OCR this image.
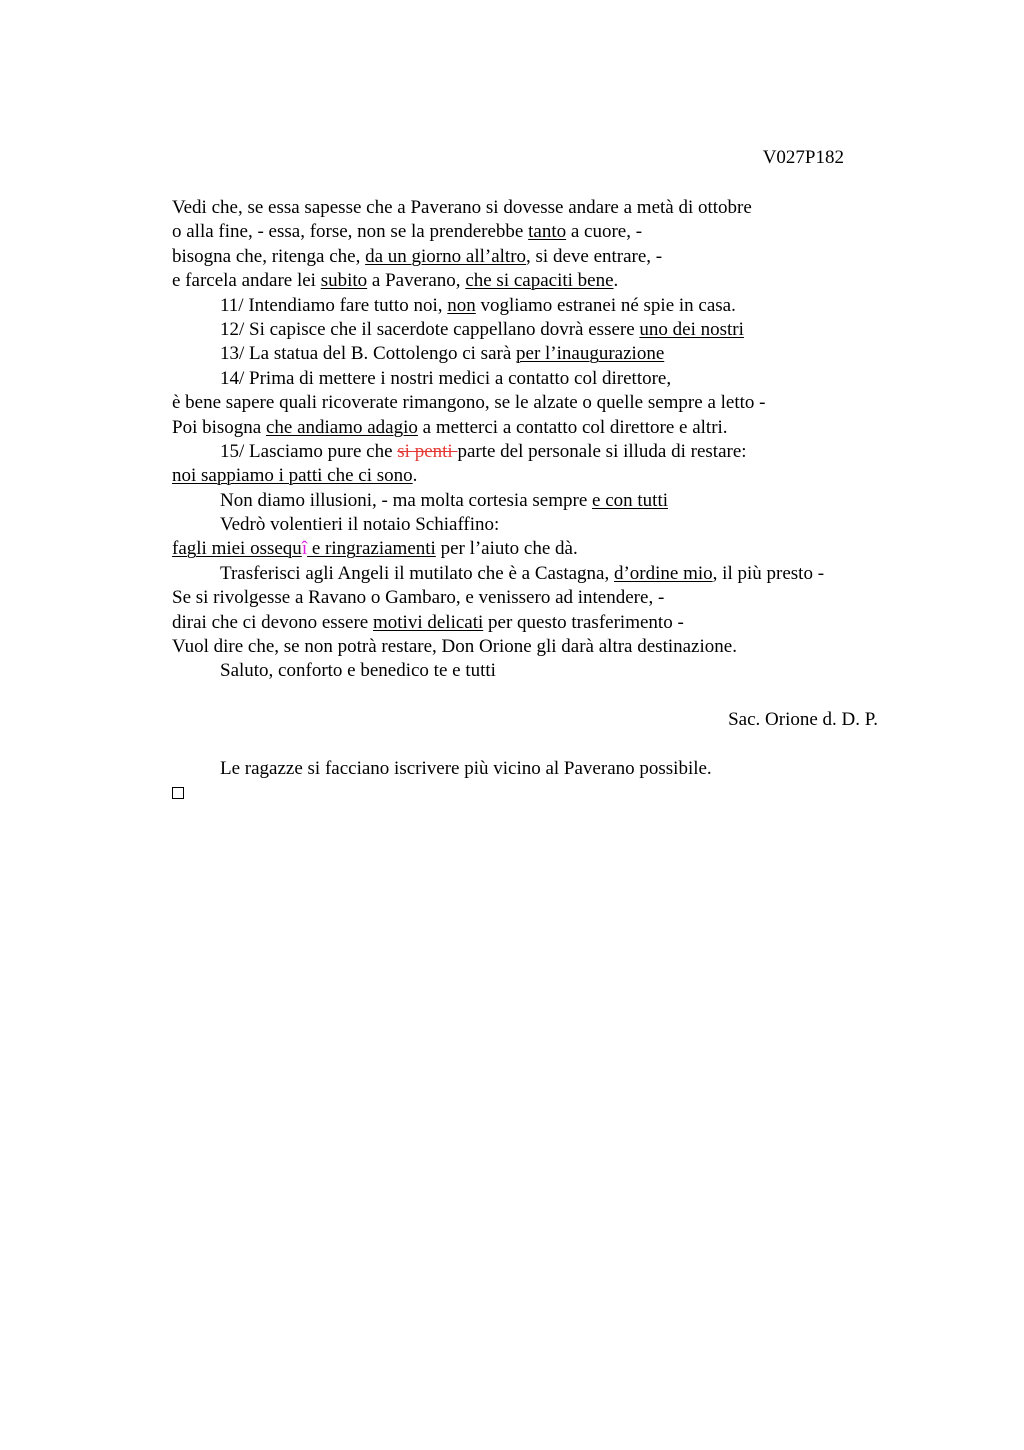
V027P182
Vedi che, se essa sapesse che a Paverano si dovesse andare a metà di ottobre
o alla fine, - essa, forse, non se la prenderebbe tanto a cuore, -
bisogna che, ritenga che, da un giorno all’altro, si deve entrare, -
e farcela andare lei subito a Paverano, che si capaciti bene.
11/ Intendiamo fare tutto noi, non vogliamo estranei né spie in casa.
12/ Si capisce che il sacerdote cappellano dovrà essere uno dei nostri
13/ La statua del B. Cottolengo ci sarà per l’inaugurazione
14/ Prima di mettere i nostri medici a contatto col direttore,
è bene sapere quali ricoverate rimangono, se le alzate o quelle sempre a letto -
Poi bisogna che andiamo adagio a metterci a contatto col direttore e altri.
15/ Lasciamo pure che si penti parte del personale si illuda di restare:
noi sappiamo i patti che ci sono.
Non diamo illusioni, - ma molta cortesia sempre e con tutti
Vedrò volentieri il notaio Schiaffino:
fagli miei ossequî e ringraziamenti per l’aiuto che dà.
Trasferisci agli Angeli il mutilato che è a Castagna, d’ordine mio, il più presto -
Se si rivolgesse a Ravano o Gambaro, e venissero ad intendere, -
dirai che ci devono essere motivi delicati per questo trasferimento -
Vuol dire che, se non potrà restare, Don Orione gli darà altra destinazione.
Saluto, conforto e benedico te e tutti
Sac. Orione d. D. P.
Le ragazze si facciano iscrivere più vicino al Paverano possibile.
